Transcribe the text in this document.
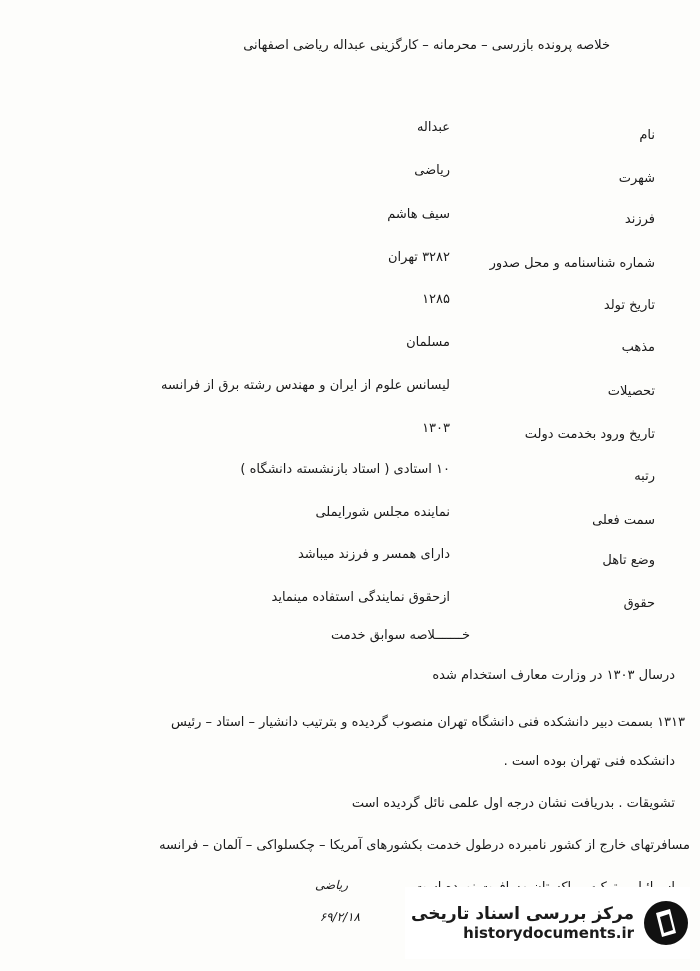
خلاصه پرونده بازرسی – محرمانه – کارگزینی عبداله ریاضی اصفهانی
نام
عبداله
شهرت
ریاضی
فرزند
سیف هاشم
شماره شناسنامه و محل صدور
۳۲۸۲ تهران
تاریخ تولد
۱۲۸۵
مذهب
مسلمان
تحصیلات
لیسانس علوم از ایران و مهندس رشته برق از فرانسه
تاریخ ورود بخدمت دولت
۱۳۰۳
رتبه
۱۰ استادی ( استاد بازنشسته دانشگاه )
سمت فعلی
نماینده مجلس شورایملی
وضع تاهل
دارای همسر و فرزند میباشد
حقوق
ازحقوق نمایندگی استفاده مینماید
خـــــــلاصه سوابق خدمت
درسال ۱۳۰۳ در وزارت معارف استخدام شده
۱۳۱۳ بسمت دبیر دانشکده فنی دانشگاه تهران منصوب گردیده و بترتیب دانشیار – استاد – رئیس
دانشکده فنی تهران بوده است .
تشویقات . بدریافت نشان درجه اول علمی نائل گردیده است
مسافرتهای خارج از کشور نامبرده درطول خدمت بکشورهای آمریکا – چکسلواکی – آلمان – فرانسه
ریاضی
۶۹/۲/۱۸	مرکز بررسی اسناد تاریخی
historydocuments.ir
